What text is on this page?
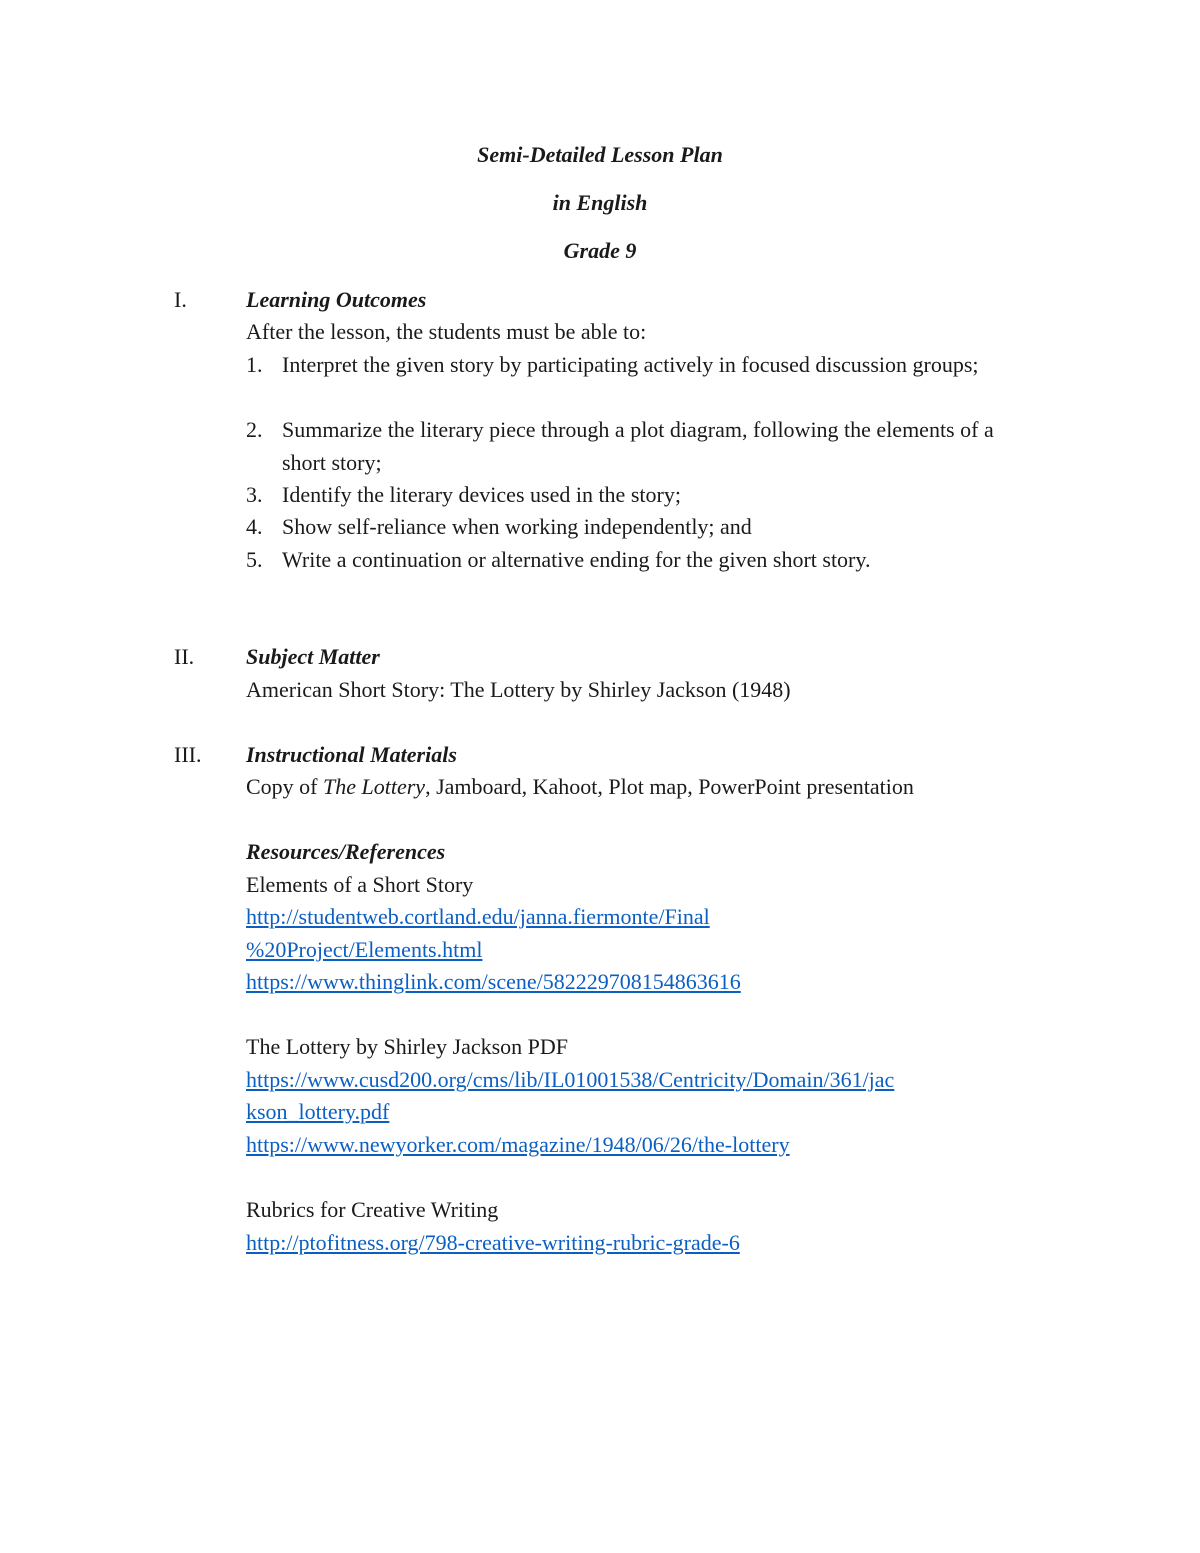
Semi-Detailed Lesson Plan
in English
Grade 9
I.	Learning Outcomes
After the lesson, the students must be able to:
1. Interpret the given story by participating actively in focused discussion groups;
2. Summarize the literary piece through a plot diagram, following the elements of a short story;
3. Identify the literary devices used in the story;
4. Show self-reliance when working independently; and
5. Write a continuation or alternative ending for the given short story.
II. Subject Matter
American Short Story: The Lottery by Shirley Jackson (1948)
III. Instructional Materials
Copy of The Lottery, Jamboard, Kahoot, Plot map, PowerPoint presentation
Resources/References
Elements of a Short Story
http://studentweb.cortland.edu/janna.fiermonte/Final
%20Project/Elements.html
https://www.thinglink.com/scene/582229708154863616
The Lottery by Shirley Jackson PDF
https://www.cusd200.org/cms/lib/IL01001538/Centricity/Domain/361/jac
kson_lottery.pdf
https://www.newyorker.com/magazine/1948/06/26/the-lottery
Rubrics for Creative Writing
http://ptofitness.org/798-creative-writing-rubric-grade-6
